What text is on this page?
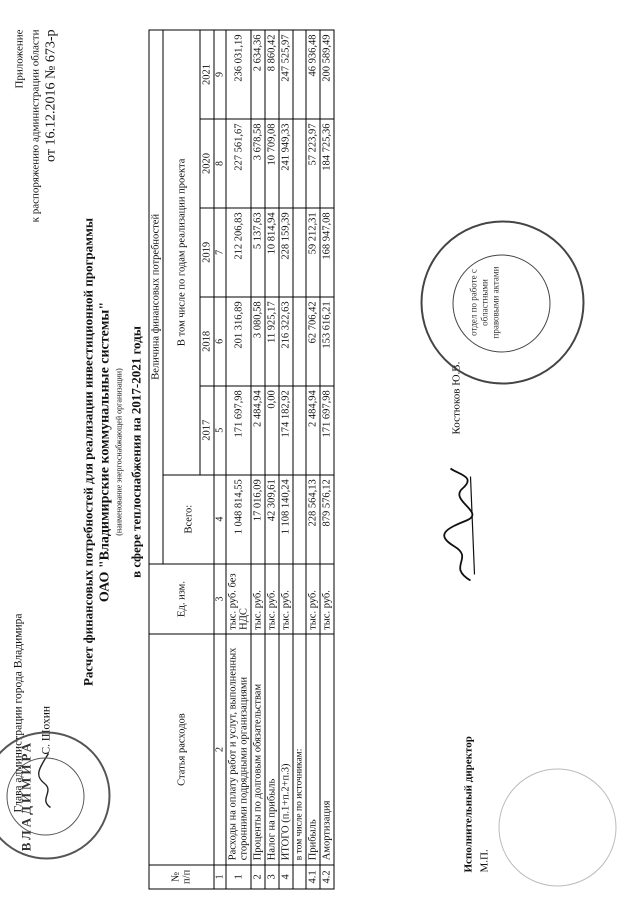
Приложение к распоряжению администрации области от 16.12.2016 № 673-р
Глава администрации города Владимира С. Шохин
ВЛАДИМИРА
Расчет финансовых потребностей для реализации инвестиционной программы ОАО "Владимирские коммунальные системы" (наименование энергоснабжающей организации) в сфере теплоснабжения на 2017-2021 годы
№ п/п	Статья расходов	Ед. изм.	Величина финансовых потребностей					
			Всего:	В том числе по годам реализации проекта				
				2017	2018	2019	2020	2021
1	2	3	4	5	6	7	8	9
1	Расходы на оплату работ и услут, выполненных сторонними подрядными организациями	тыс. руб. без НДС	1 048 814,55	171 697,98	201 316,89	212 206,83	227 561,67	236 031,19
2	Проценты по долговым обязательствам	тыс. руб.	17 016,09	2 484,94	3 080,58	5 137,63	3 678,58	2 634,36
3	Налог на прибыль	тыс. руб.	42 309,61	0,00	11 925,17	10 814,94	10 709,08	8 860,42
4	ИТОГО (п.1+п.2+п.3)	тыс. руб.	1 108 140,24	174 182,92	216 322,63	228 159,39	241 949,33	247 525,97
	в том числе по источникам:							
4.1	Прибыль	тыс. руб.	228 564,13	2 484,94	62 706,42	59 212,31	57 223,97	46 936,48
4.2	Амортизация	тыс. руб.	879 576,12	171 697,98	153 616,21	168 947,08	184 725,36	200 589,49
Исполнительный директор М.П.
Костюков Ю.В.
отдел по работе с областными правовыми актами
